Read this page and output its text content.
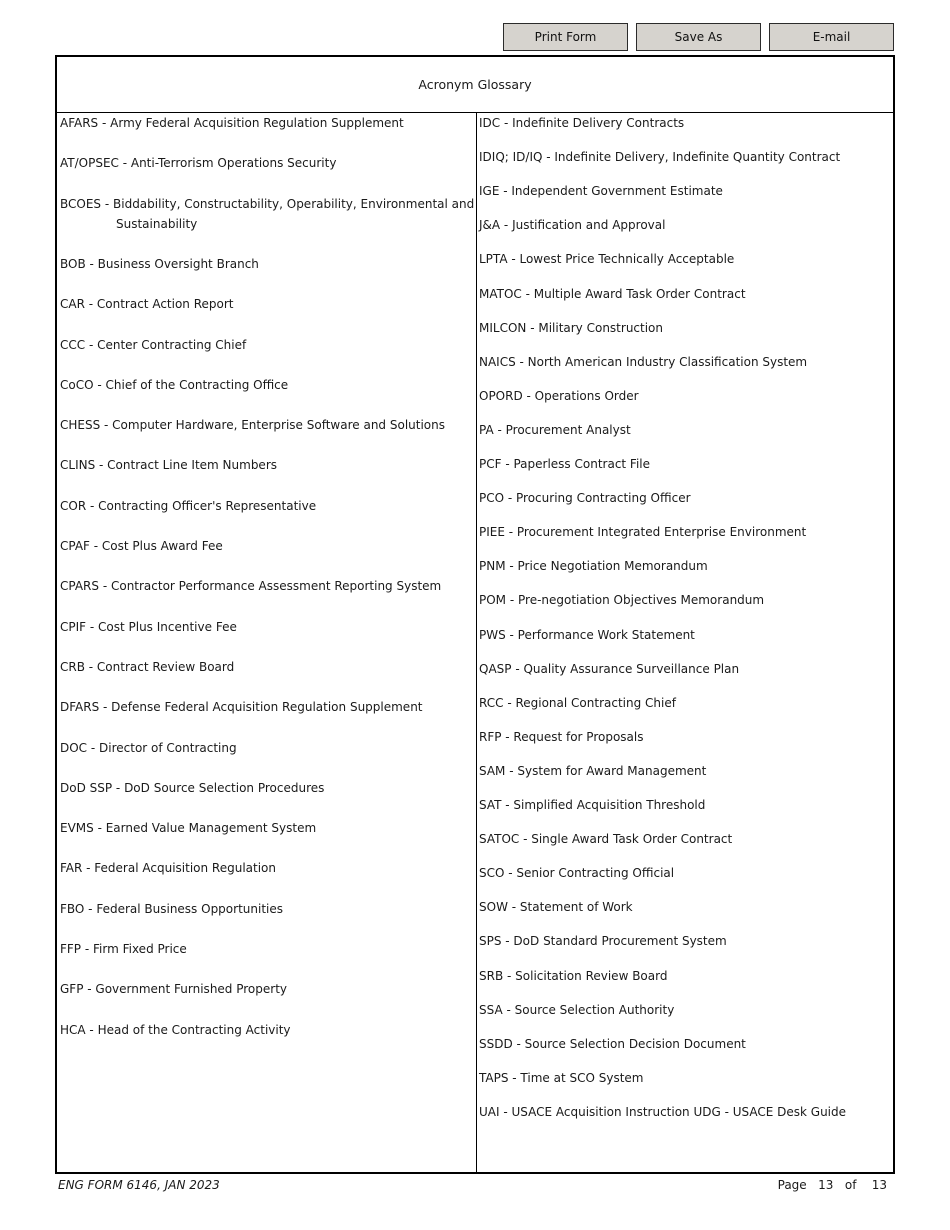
Print Form	Save As	E-mail
Acronym Glossary
AFARS - Army Federal Acquisition Regulation Supplement
AT/OPSEC - Anti-Terrorism Operations Security
BCOES - Biddability, Constructability, Operability, Environmental and Sustainability
BOB - Business Oversight Branch
CAR - Contract Action Report
CCC - Center Contracting Chief
CoCO - Chief of the Contracting Office
CHESS - Computer Hardware, Enterprise Software and Solutions
CLINS - Contract Line Item Numbers
COR - Contracting Officer's Representative
CPAF - Cost Plus Award Fee
CPARS - Contractor Performance Assessment Reporting System
CPIF - Cost Plus Incentive Fee
CRB - Contract Review Board
DFARS - Defense Federal Acquisition Regulation Supplement
DOC - Director of Contracting
DoD SSP - DoD Source Selection Procedures
EVMS - Earned Value Management System
FAR - Federal Acquisition Regulation
FBO - Federal Business Opportunities
FFP - Firm Fixed Price
GFP - Government Furnished Property
HCA - Head of the Contracting Activity
IDC - Indefinite Delivery Contracts
IDIQ; ID/IQ - Indefinite Delivery, Indefinite Quantity Contract
IGE - Independent Government Estimate
J&A - Justification and Approval
LPTA - Lowest Price Technically Acceptable
MATOC - Multiple Award Task Order Contract
MILCON - Military Construction
NAICS - North American Industry Classification System
OPORD - Operations Order
PA - Procurement Analyst
PCF - Paperless Contract File
PCO - Procuring Contracting Officer
PIEE - Procurement Integrated Enterprise Environment
PNM - Price Negotiation Memorandum
POM - Pre-negotiation Objectives Memorandum
PWS - Performance Work Statement
QASP - Quality Assurance Surveillance Plan
RCC - Regional Contracting Chief
RFP - Request for Proposals
SAM - System for Award Management
SAT - Simplified Acquisition Threshold
SATOC - Single Award Task Order Contract
SCO - Senior Contracting Official
SOW - Statement of Work
SPS - DoD Standard Procurement System
SRB - Solicitation Review Board
SSA - Source Selection Authority
SSDD - Source Selection Decision Document
TAPS - Time at SCO System
UAI - USACE Acquisition Instruction UDG - USACE Desk Guide
ENG FORM 6146, JAN 2023	Page 13 of 13
